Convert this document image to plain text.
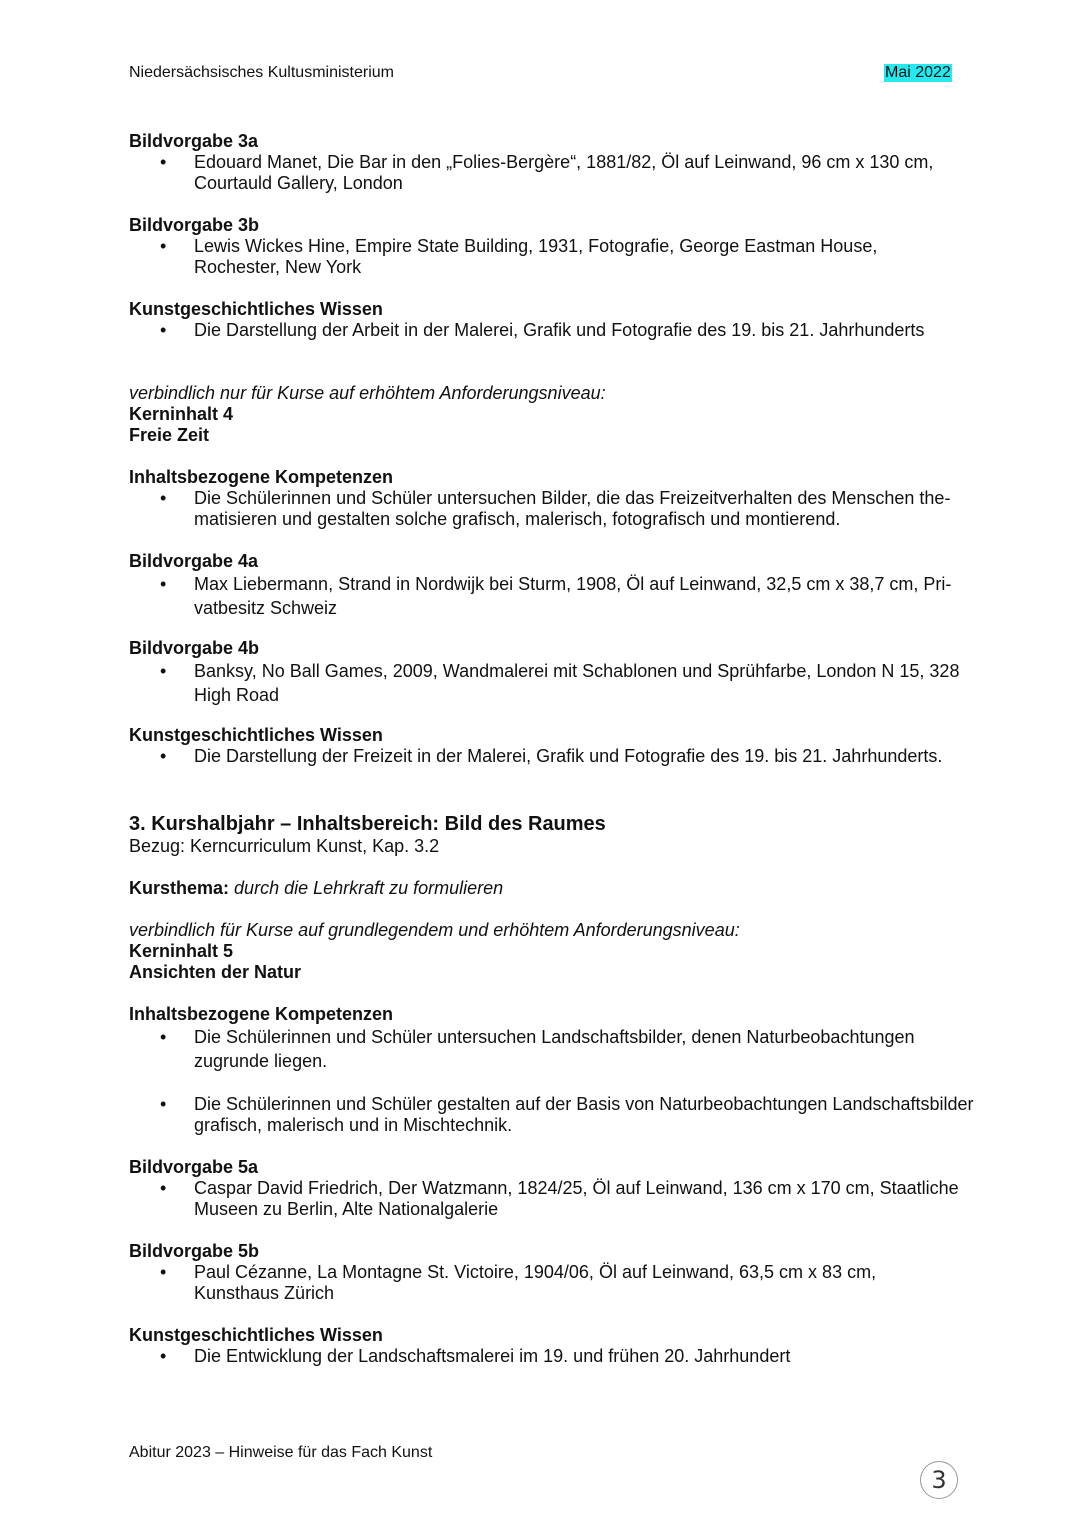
Niedersächsisches Kultusministerium	Mai 2022

Bildvorgabe 3a

• Edouard Manet, Die Bar in den „Folies-Bergère“, 1881/82, Öl auf Leinwand, 96 cm x 130 cm,
Courtauld Gallery, London

Bildvorgabe 3b

• Lewis Wickes Hine, Empire State Building, 1931, Fotografie, George Eastman House,
Rochester, New York

Kunstgeschichtliches Wissen

• Die Darstellung der Arbeit in der Malerei, Grafik und Fotografie des 19. bis 21. Jahrhunderts

verbindlich nur für Kurse auf erhöhtem Anforderungsniveau:

Kerninhalt 4

Freie Zeit

Inhaltsbezogene Kompetenzen

• Die Schülerinnen und Schüler untersuchen Bilder, die das Freizeitverhalten des Menschen the-
matisieren und gestalten solche grafisch, malerisch, fotografisch und montierend.

Bildvorgabe 4a

• Max Liebermann, Strand in Nordwijk bei Sturm, 1908, Öl auf Leinwand, 32,5 cm x 38,7 cm, Pri-
vatbesitz Schweiz

Bildvorgabe 4b

• Banksy, No Ball Games, 2009, Wandmalerei mit Schablonen und Sprühfarbe, London N 15, 328
High Road

Kunstgeschichtliches Wissen

• Die Darstellung der Freizeit in der Malerei, Grafik und Fotografie des 19. bis 21. Jahrhunderts.

3. Kurshalbjahr – Inhaltsbereich: Bild des Raumes

Bezug: Kerncurriculum Kunst, Kap. 3.2

Kursthema: durch die Lehrkraft zu formulieren

verbindlich für Kurse auf grundlegendem und erhöhtem Anforderungsniveau:

Kerninhalt 5

Ansichten der Natur

Inhaltsbezogene Kompetenzen

• Die Schülerinnen und Schüler untersuchen Landschaftsbilder, denen Naturbeobachtungen
zugrunde liegen.
• Die Schülerinnen und Schüler gestalten auf der Basis von Naturbeobachtungen Landschaftsbilder
grafisch, malerisch und in Mischtechnik.

Bildvorgabe 5a

• Caspar David Friedrich, Der Watzmann, 1824/25, Öl auf Leinwand, 136 cm x 170 cm, Staatliche
Museen zu Berlin, Alte Nationalgalerie

Bildvorgabe 5b

• Paul Cézanne, La Montagne St. Victoire, 1904/06, Öl auf Leinwand, 63,5 cm x 83 cm,
Kunsthaus Zürich

Kunstgeschichtliches Wissen

• Die Entwicklung der Landschaftsmalerei im 19. und frühen 20. Jahrhundert
Abitur 2023 – Hinweise für das Fach Kunst
3
